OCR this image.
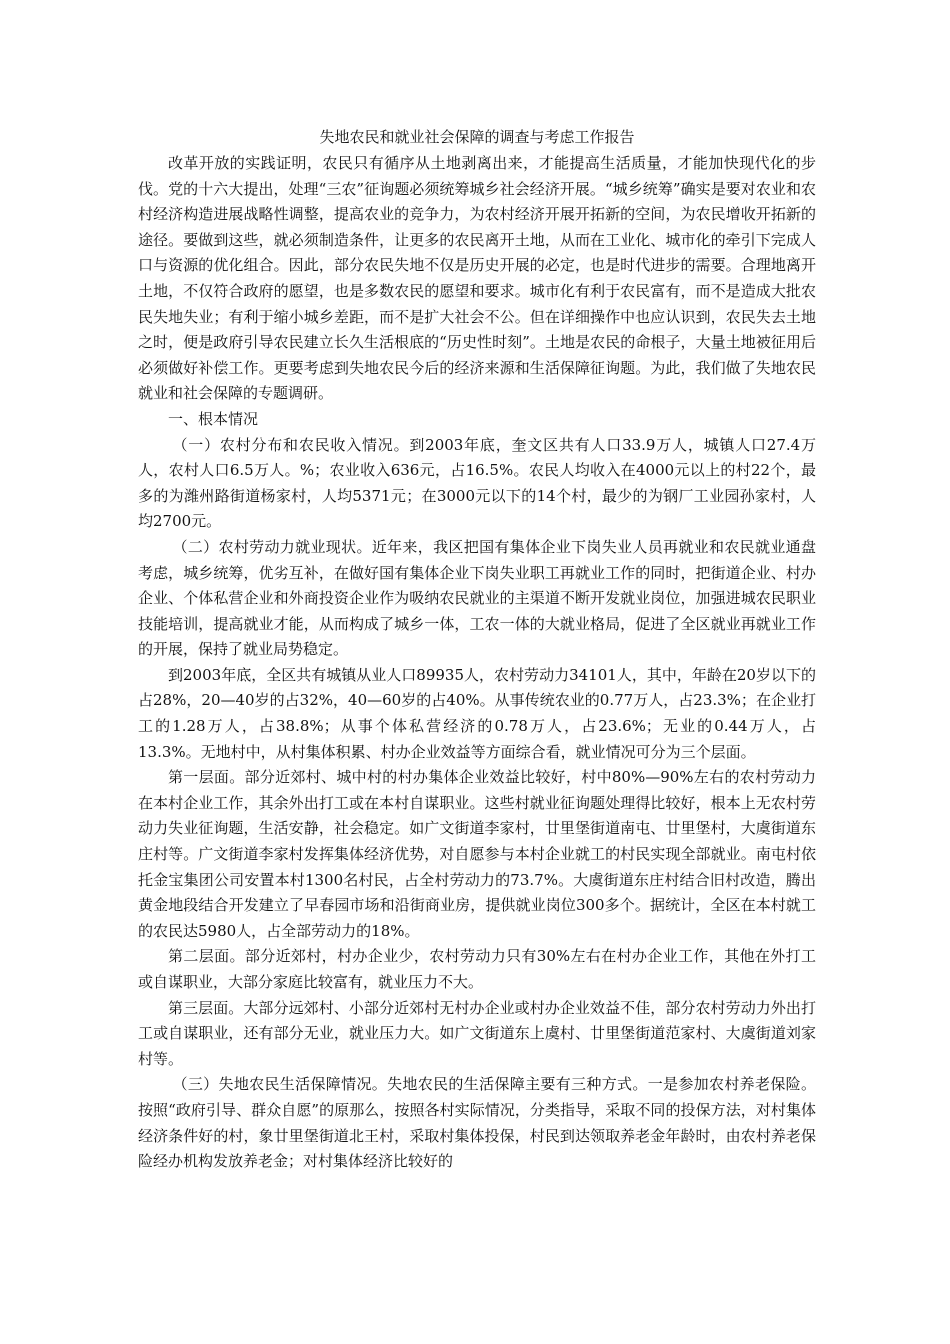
失地农民和就业社会保障的调查与考虑工作报告

改革开放的实践证明，农民只有循序从土地剥离出来，才能提高生活质量，才能加快现代化的步伐。党的十六大提出，处理“三农”征询题必须统筹城乡社会经济开展。“城乡统筹”确实是要对农业和农村经济构造进展战略性调整，提高农业的竞争力，为农村经济开展开拓新的空间，为农民增收开拓新的途径。要做到这些，就必须制造条件，让更多的农民离开土地，从而在工业化、城市化的牵引下完成人口与资源的优化组合。因此，部分农民失地不仅是历史开展的必定，也是时代进步的需要。合理地离开土地，不仅符合政府的愿望，也是多数农民的愿望和要求。城市化有利于农民富有，而不是造成大批农民失地失业；有利于缩小城乡差距，而不是扩大社会不公。但在详细操作中也应认识到，农民失去土地之时，便是政府引导农民建立长久生活根底的“历史性时刻”。土地是农民的命根子，大量土地被征用后必须做好补偿工作。更要考虑到失地农民今后的经济来源和生活保障征询题。为此，我们做了失地农民就业和社会保障的专题调研。

一、根本情况

（一）农村分布和农民收入情况。到2003年底，奎文区共有人口33.9万人，城镇人口27.4万人，农村人口6.5万人。%；农业收入636元，占16.5%。农民人均收入在4000元以上的村22个，最多的为潍州路街道杨家村，人均5371元；在3000元以下的14个村，最少的为钢厂工业园孙家村，人均2700元。

（二）农村劳动力就业现状。近年来，我区把国有集体企业下岗失业人员再就业和农民就业通盘考虑，城乡统筹，优劣互补，在做好国有集体企业下岗失业职工再就业工作的同时，把街道企业、村办企业、个体私营企业和外商投资企业作为吸纳农民就业的主渠道不断开发就业岗位，加强进城农民职业技能培训，提高就业才能，从而构成了城乡一体，工农一体的大就业格局，促进了全区就业再就业工作的开展，保持了就业局势稳定。

到2003年底，全区共有城镇从业人口89935人，农村劳动力34101人，其中，年龄在20岁以下的占28%，20—40岁的占32%，40—60岁的占40%。从事传统农业的0.77万人，占23.3%；在企业打工的1.28万人，占38.8%；从事个体私营经济的0.78万人，占23.6%；无业的0.44万人，占13.3%。无地村中，从村集体积累、村办企业效益等方面综合看，就业情况可分为三个层面。

第一层面。部分近郊村、城中村的村办集体企业效益比较好，村中80%—90%左右的农村劳动力在本村企业工作，其余外出打工或在本村自谋职业。这些村就业征询题处理得比较好，根本上无农村劳动力失业征询题，生活安静，社会稳定。如广文街道李家村，廿里堡街道南屯、廿里堡村，大虞街道东庄村等。广文街道李家村发挥集体经济优势，对自愿参与本村企业就工的村民实现全部就业。南屯村依托金宝集团公司安置本村1300名村民，占全村劳动力的73.7%。大虞街道东庄村结合旧村改造，腾出黄金地段结合开发建立了早春园市场和沿街商业房，提供就业岗位300多个。据统计，全区在本村就工的农民达5980人，占全部劳动力的18%。

第二层面。部分近郊村，村办企业少，农村劳动力只有30%左右在村办企业工作，其他在外打工或自谋职业，大部分家庭比较富有，就业压力不大。

第三层面。大部分远郊村、小部分近郊村无村办企业或村办企业效益不佳，部分农村劳动力外出打工或自谋职业，还有部分无业，就业压力大。如广文街道东上虞村、廿里堡街道范家村、大虞街道刘家村等。

（三）失地农民生活保障情况。失地农民的生活保障主要有三种方式。一是参加农村养老保险。按照“政府引导、群众自愿”的原那么，按照各村实际情况，分类指导，采取不同的投保方法，对村集体经济条件好的村，象廿里堡街道北王村，采取村集体投保，村民到达领取养老金年龄时，由农村养老保险经办机构发放养老金；对村集体经济比较好的
